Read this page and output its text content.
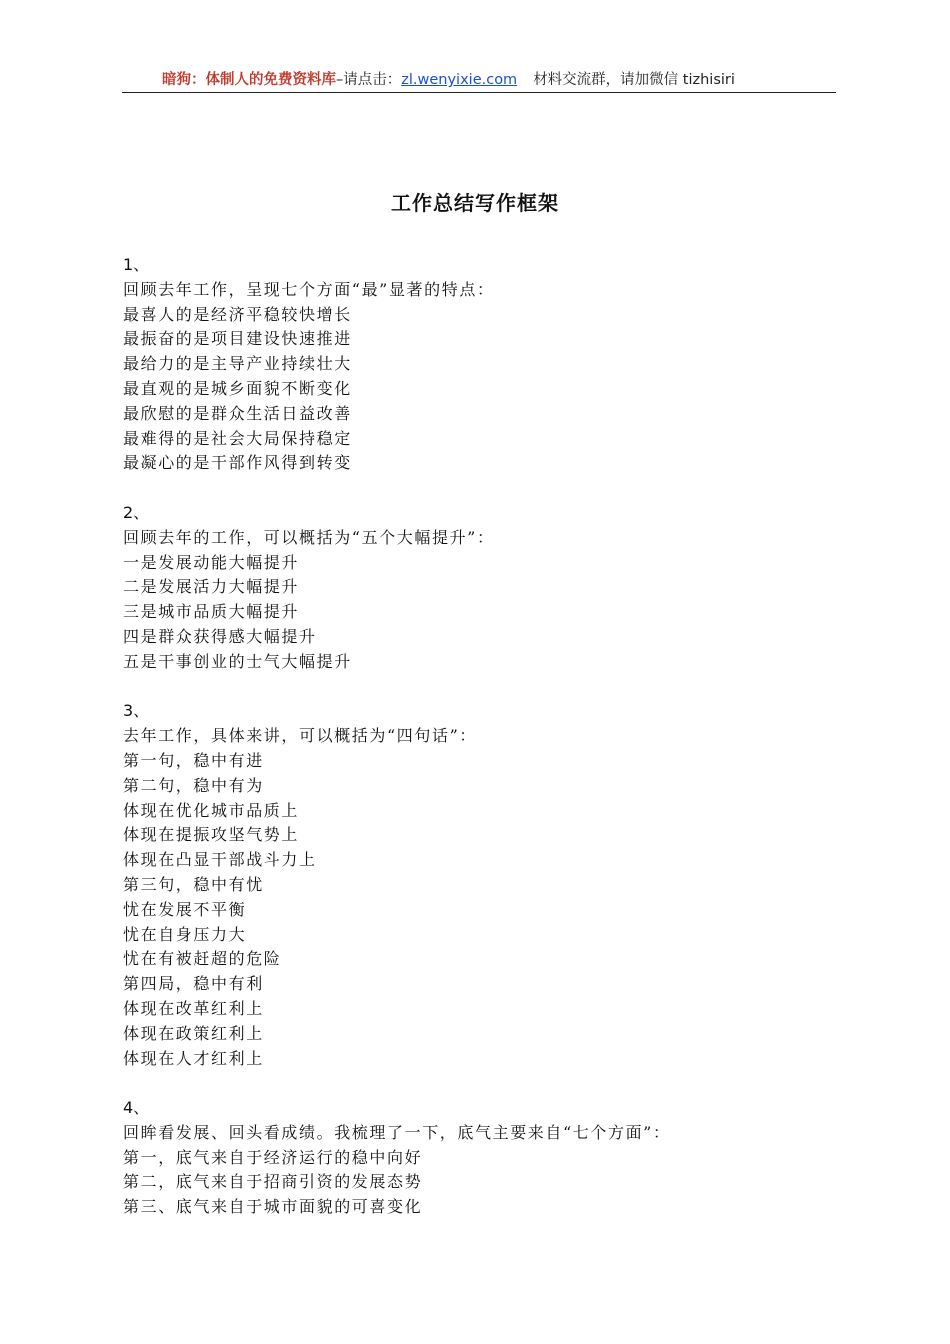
暗狗：体制人的免费资料库–请点击：zl.wenyixie.com 材料交流群，请加微信 tizhisiri
工作总结写作框架
1、
回顾去年工作，呈现七个方面“最”显著的特点：
最喜人的是经济平稳较快增长
最振奋的是项目建设快速推进
最给力的是主导产业持续壮大
最直观的是城乡面貌不断变化
最欣慰的是群众生活日益改善
最难得的是社会大局保持稳定
最凝心的是干部作风得到转变
2、
回顾去年的工作，可以概括为“五个大幅提升”：
一是发展动能大幅提升
二是发展活力大幅提升
三是城市品质大幅提升
四是群众获得感大幅提升
五是干事创业的士气大幅提升
3、
去年工作，具体来讲，可以概括为“四句话”：
第一句，稳中有进
第二句，稳中有为
体现在优化城市品质上
体现在提振攻坚气势上
体现在凸显干部战斗力上
第三句，稳中有忧
忧在发展不平衡
忧在自身压力大
忧在有被赶超的危险
第四局，稳中有利
体现在改革红利上
体现在政策红利上
体现在人才红利上
4、
回眸看发展、回头看成绩。我梳理了一下，底气主要来自“七个方面”：
第一，底气来自于经济运行的稳中向好
第二，底气来自于招商引资的发展态势
第三、底气来自于城市面貌的可喜变化
